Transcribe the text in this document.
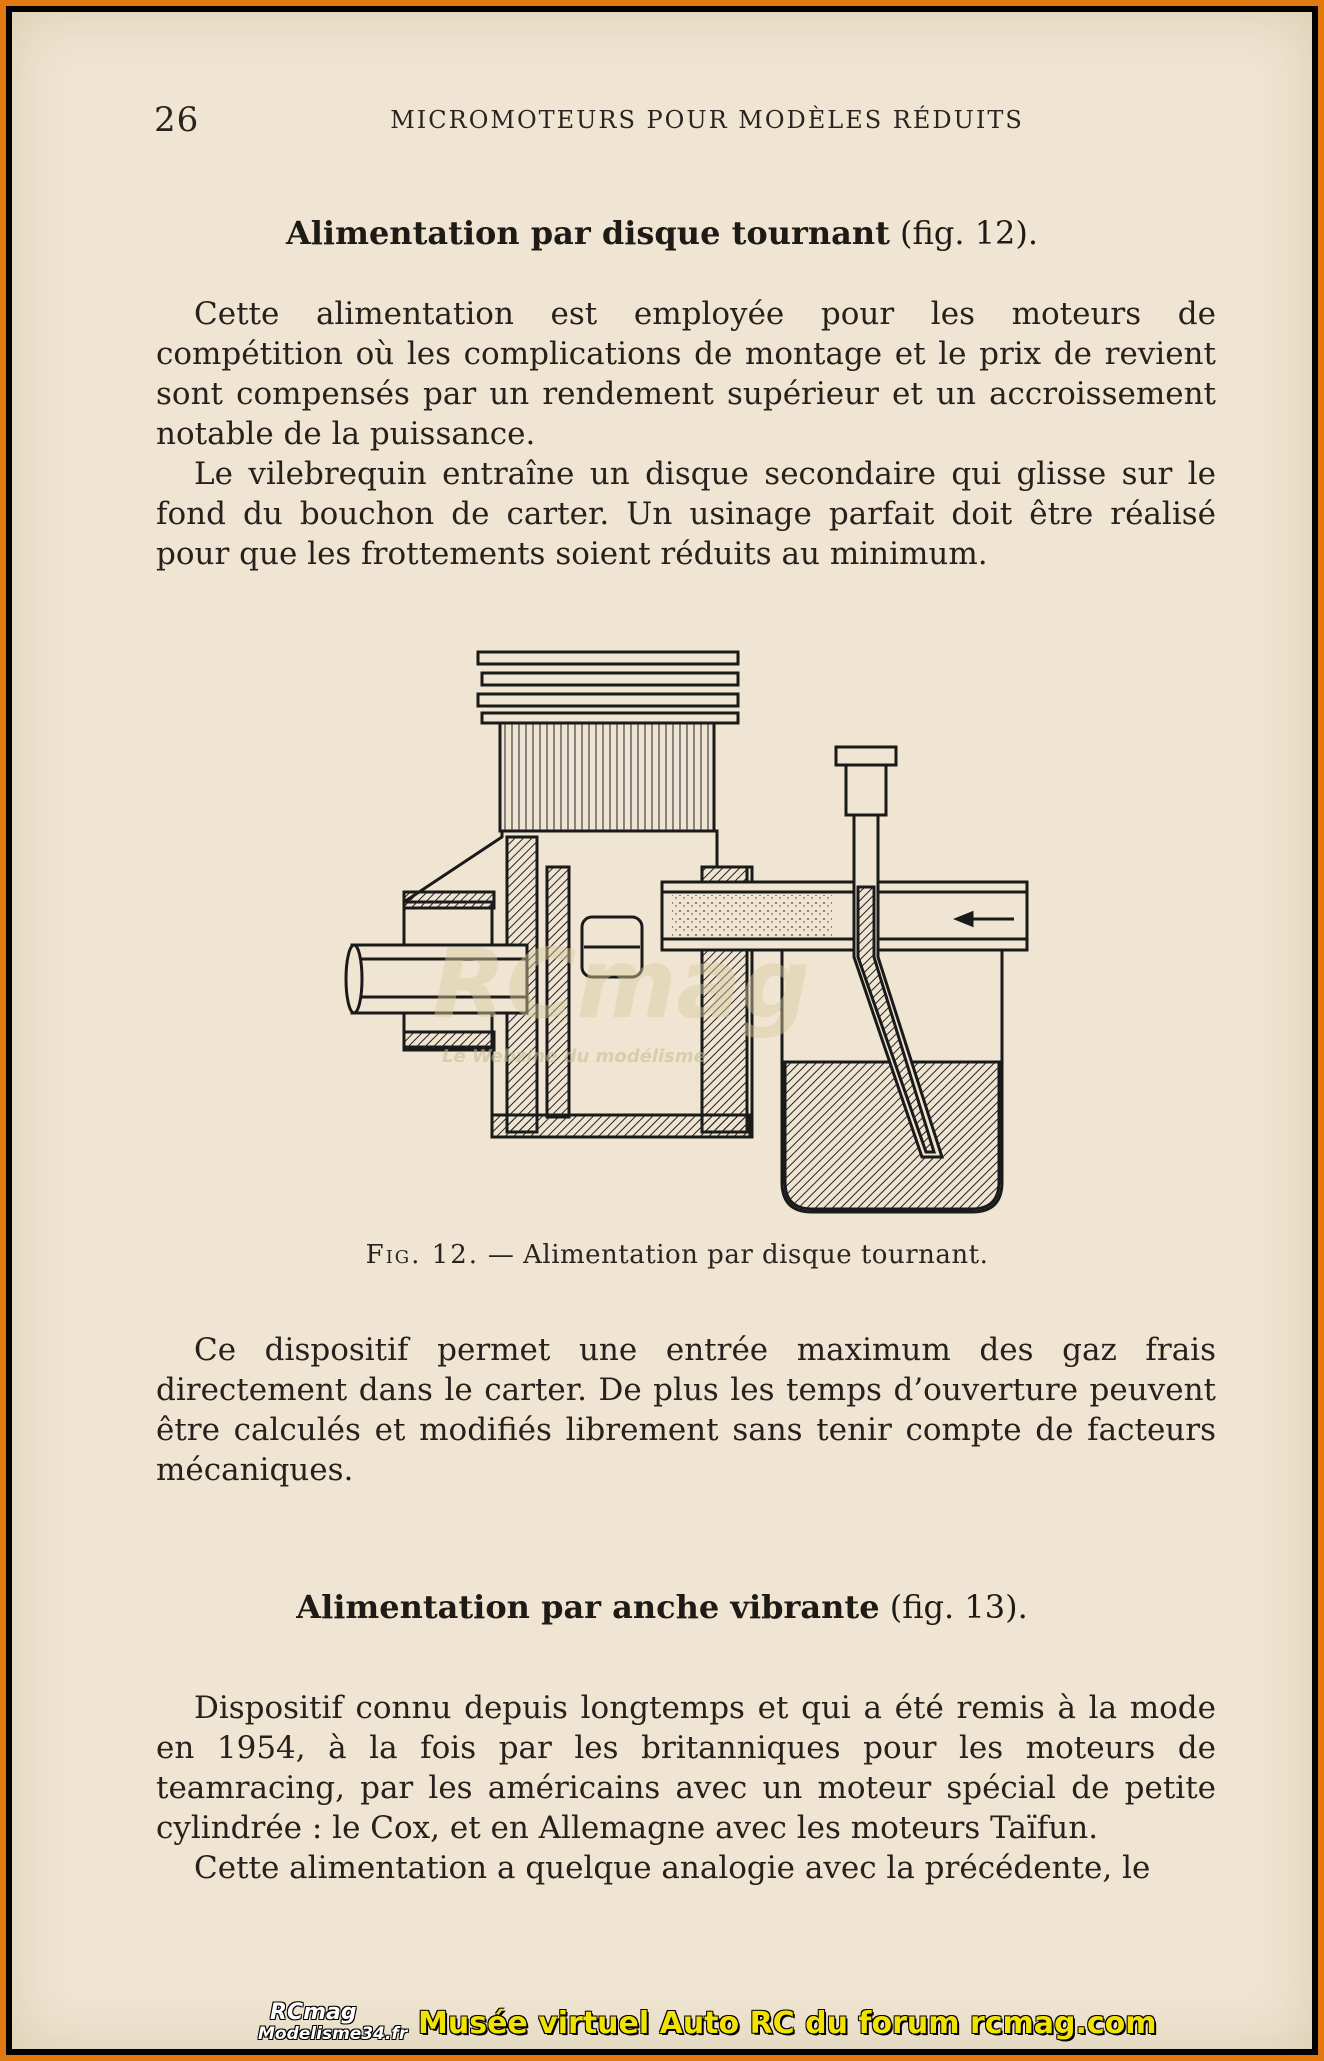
26	MICROMOTEURS POUR MODÈLES RÉDUITS
Alimentation par disque tournant (fig. 12).

Cette alimentation est employée pour les moteurs de compétition où les complications de montage et le prix de revient sont compensés par un rendement supérieur et un accroissement notable de la puissance.

Le vilebrequin entraîne un disque secondaire qui glisse sur le fond du bouchon de carter. Un usinage parfait doit être réalisé pour que les frottements soient réduits au minimum.

RCmag
Le Webzine du modélisme
Fig. 12. — Alimentation par disque tournant.

Ce dispositif permet une entrée maximum des gaz frais directement dans le carter. De plus les temps d’ouverture peuvent être calculés et modifiés librement sans tenir compte de facteurs mécaniques.

Alimentation par anche vibrante (fig. 13).

Dispositif connu depuis longtemps et qui a été remis à la mode en 1954, à la fois par les britanniques pour les moteurs de teamracing, par les américains avec un moteur spécial de petite cylindrée : le Cox, et en Allemagne avec les moteurs Taïfun.

Cette alimentation a quelque analogie avec la précédente, le

RCmag
Modelisme34.fr Musée virtuel Auto RC du forum rcmag.com
